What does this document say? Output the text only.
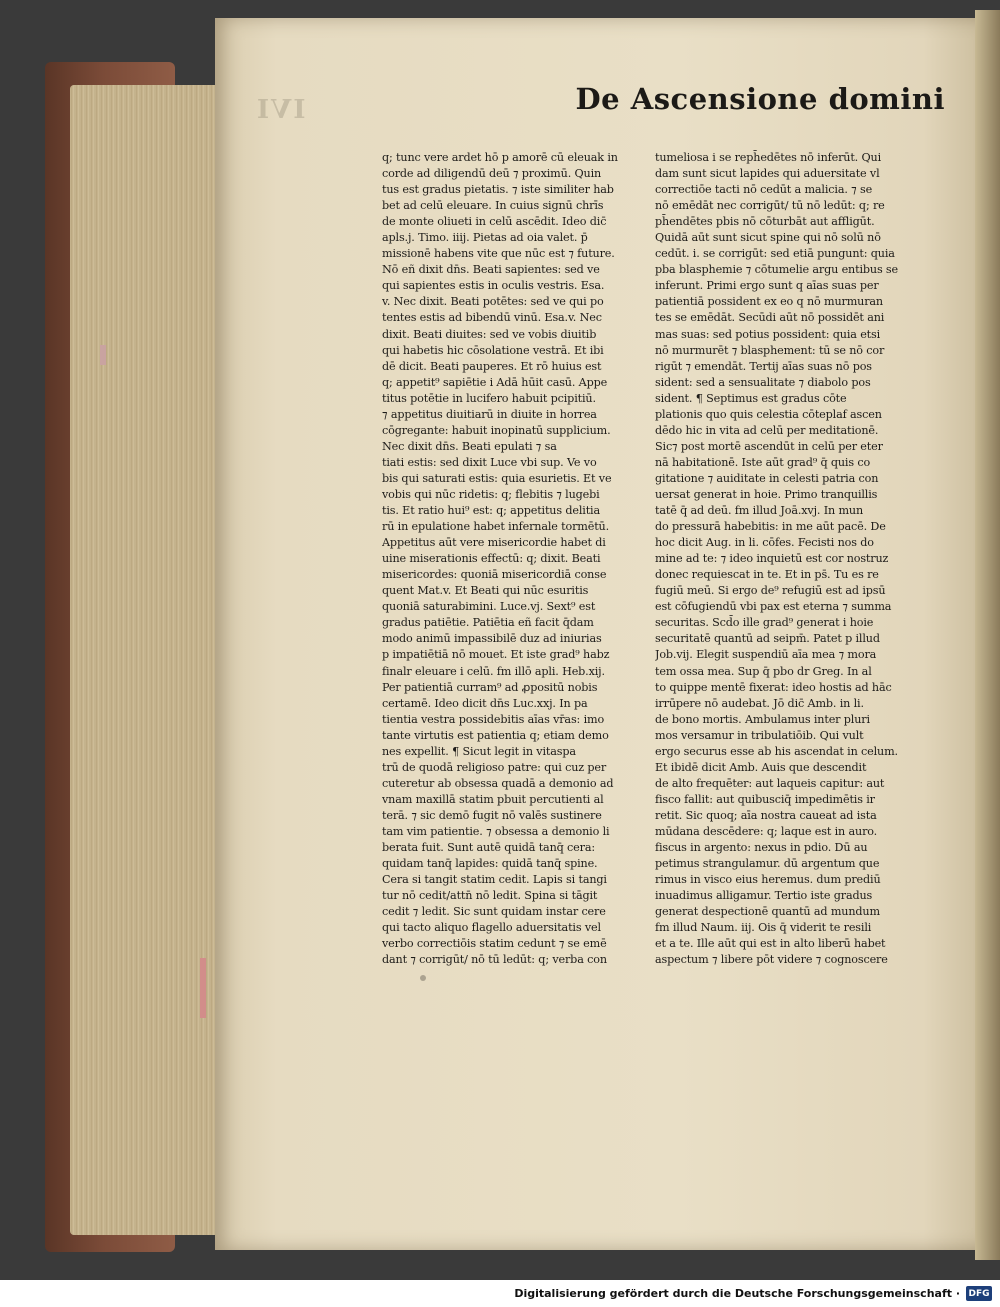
IVI	De Ascensione domini
q; tunc vere ardet hō p amorē cū eleuak in
corde ad diligendū deū ⁊ proximū. Quin
tus est gradus pietatis. ⁊ iste similiter hab
bet ad celū eleuare. In cuius signū chrīs
de monte oliueti in celū ascēdit. Ideo dic̄
apls.j. Timo. iiij. Pietas ad oia valet. p̄
missionē habens vite que nūc est ⁊ future.
Nō eñ dixit dn̄s. Beati sapientes: sed ve
qui sapientes estis in oculis vestris. Esa.
v. Nec dixit. Beati potētes: sed ve qui po
tentes estis ad bibendū vinū. Esa.v. Nec
dixit. Beati diuites: sed ve vobis diuitib
qui habetis hic cōsolatione vestrā. Et ibi
dē dicit. Beati pauperes. Et rō huius est
q; appetit⁹ sapiētie i Adā hūit casū. Appe
titus potētie in lucifero habuit pcipitiū.
⁊ appetitus diuitiarū in diuite in horrea
cōgregante: habuit inopinatū supplicium.
Nec dixit dn̄s. Beati epulati ⁊ sa
tiati estis: sed dixit Luce vbi sup. Ve vo
bis qui saturati estis: quia esurietis. Et ve
vobis qui nūc ridetis: q; flebitis ⁊ lugebi
tis. Et ratio hui⁹ est: q; appetitus delitia
rū in epulatione habet infernale tormētū.
Appetitus aūt vere misericordie habet di
uine miserationis effectū: q; dixit. Beati
misericordes: quoniā misericordiā conse
quent Mat.v. Et Beati qui nūc esuritis
quoniā saturabimini. Luce.vj. Sext⁹ est
gradus patiētie. Patiētia eñ facit q̄dam
modo animū impassibilē duz ad iniurias
p impatiētiā nō mouet. Et iste grad⁹ habz
finalr eleuare i celū. fm illō apli. Heb.xij.
Per patientiā curram⁹ ad ꝓpositū nobis
certamē. Ideo dicit dn̄s Luc.xxj. In pa
tientia vestra possidebitis aīas vr̄as: imo
tante virtutis est patientia q; etiam demo
nes expellit. ¶ Sicut legit in vitaspa
trū de quodā religioso patre: qui cuz per
cuteretur ab obsessa quadā a demonio ad
vnam maxillā statim pbuit percutienti al
terā. ⁊ sic demō fugit nō valēs sustinere
tam vim patientie. ⁊ obsessa a demonio li
berata fuit. Sunt autē quidā tanq̄ cera:
quidam tanq̄ lapides: quidā tanq̄ spine.
Cera si tangit statim cedit. Lapis si tangi
tur nō cedit/attn̄ nō ledit. Spina si tāgit
cedit ⁊ ledit. Sic sunt quidam instar cere
qui tacto aliquo flagello aduersitatis vel
verbo correctiōis statim cedunt ⁊ se emē
dant ⁊ corrigūt/ nō tū ledūt: q; verba con
tumeliosa i se reph̄edētes nō inferūt. Qui
dam sunt sicut lapides qui aduersitate vl
correctiōe tacti nō cedūt a malicia. ⁊ se
nō emēdāt nec corrigūt/ tū nō ledūt: q; re
ph̄endētes pbis nō cōturbāt aut affligūt.
Quidā aūt sunt sicut spine qui nō solū nō
cedūt. i. se corrigūt: sed etiā pungunt: quia
pba blasphemie ⁊ cōtumelie argu entibus se
inferunt. Primi ergo sunt q aīas suas per
patientiā possident ex eo q nō murmuran
tes se emēdāt. Secūdi aūt nō possidēt ani
mas suas: sed potius possident: quia etsi
nō murmurēt ⁊ blasphement: tū se nō cor
rigūt ⁊ emendāt. Tertij aīas suas nō pos
sident: sed a sensualitate ⁊ diabolo pos
sident. ¶ Septimus est gradus cōte
plationis quo quis celestia cōteplaf ascen
dēdo hic in vita ad celū per meditationē.
Sic⁊ post mortē ascendūt in celū per eter
nā habitationē. Iste aūt grad⁹ q̄ quis co
gitatione ⁊ auiditate in celesti patria con
uersat generat in hoie. Primo tranquillis
tatē q̄ ad deū. fm illud Joā.xvj. In mun
do pressurā habebitis: in me aūt pacē. De
hoc dicit Aug. in li. cōfes. Fecisti nos do
mine ad te: ⁊ ideo inquietū est cor nostruz
donec requiescat in te. Et in ps̄. Tu es re
fugiū meū. Si ergo de⁹ refugiū est ad ipsū
est cōfugiendū vbi pax est eterna ⁊ summa
securitas. Scd̄o ille grad⁹ generat i hoie
securitatē quantū ad seipm̄. Patet p illud
Job.vij. Elegit suspendiū aīa mea ⁊ mora
tem ossa mea. Sup q̄ pbo dr Greg. In al
to quippe mentē fixerat: ideo hostis ad hāc
irrūpere nō audebat. Jō dic̄ Amb. in li.
de bono mortis. Ambulamus inter pluri
mos versamur in tribulatiōib. Qui vult
ergo securus esse ab his ascendat in celum.
Et ibidē dicit Amb. Auis que descendit
de alto frequēter: aut laqueis capitur: aut
fisco fallit: aut quibusciq̄ impedimētis ir
retit. Sic quoq; aīa nostra caueat ad ista
mūdana descēdere: q; laque est in auro.
fiscus in argento: nexus in pdio. Dū au
petimus strangulamur. dū argentum que
rimus in visco eius heremus. dum prediū
inuadimus alligamur. Tertio iste gradus
generat despectionē quantū ad mundum
fm illud Naum. iij. Ois q̄ viderit te resili
et a te. Ille aūt qui est in alto liberū habet
aspectum ⁊ libere pōt videre ⁊ cognoscere
Digitalisierung gefördert durch die Deutsche Forschungsgemeinschaft · DFG
